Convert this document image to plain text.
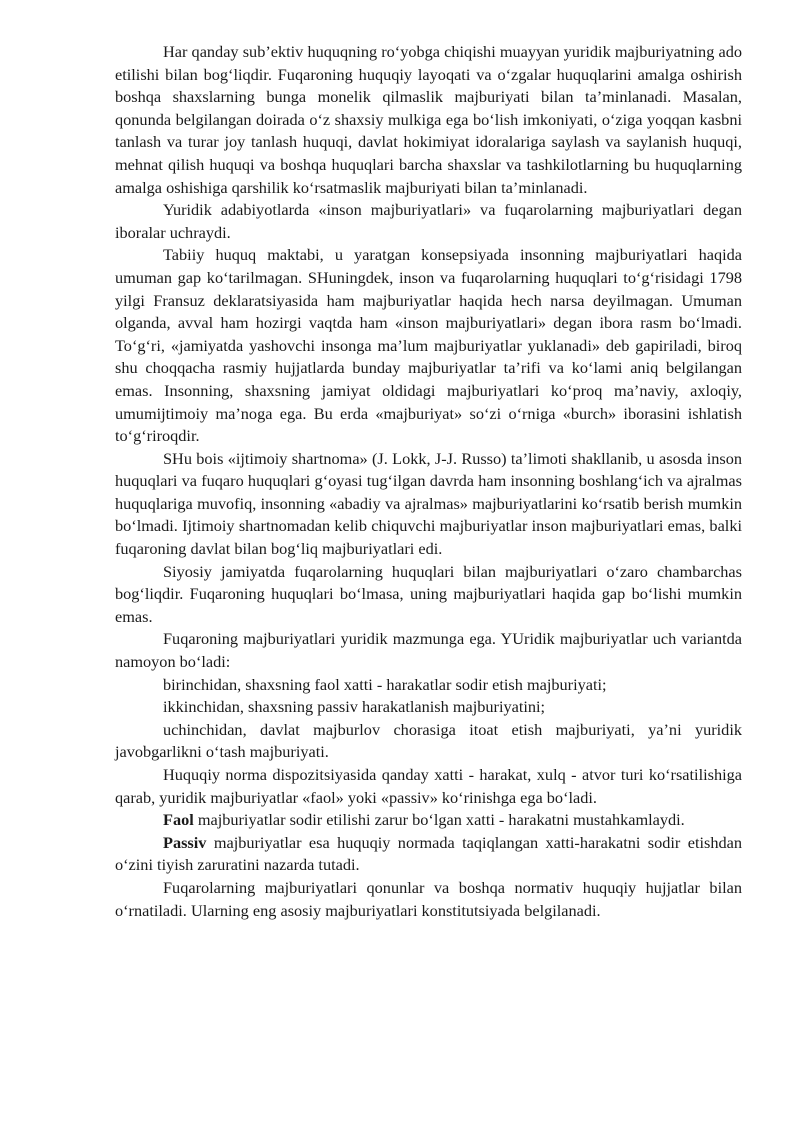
Har qanday sub’ektiv huquqning ro‘yobga chiqishi muayyan yuridik majburiyatning ado etilishi bilan bog‘liqdir. Fuqaroning huquqiy layoqati va o‘zgalar huquqlarini amalga oshirish boshqa shaxslarning bunga monelik qilmaslik majburiyati bilan ta’minlanadi. Masalan, qonunda belgilangan doirada o‘z shaxsiy mulkiga ega bo‘lish imkoniyati, o‘ziga yoqqan kasbni tanlash va turar joy tanlash huquqi, davlat hokimiyat idoralariga saylash va saylanish huquqi, mehnat qilish huquqi va boshqa huquqlari barcha shaxslar va tashkilotlarning bu huquqlarning amalga oshishiga qarshilik ko‘rsatmaslik majburiyati bilan ta’minlanadi.

Yuridik adabiyotlarda «inson majburiyatlari» va fuqarolarning majburiyatlari degan iboralar uchraydi.

Tabiiy huquq maktabi, u yaratgan konsepsiyada insonning majburiyatlari haqida umuman gap ko‘tarilmagan. SHuningdek, inson va fuqarolarning huquqlari to‘g‘risidagi 1798 yilgi Fransuz deklaratsiyasida ham majburiyatlar haqida hech narsa deyilmagan. Umuman olganda, avval ham hozirgi vaqtda ham «inson majburiyatlari» degan ibora rasm bo‘lmadi. To‘g‘ri, «jamiyatda yashovchi insonga ma’lum majburiyatlar yuklanadi» deb gapiriladi, biroq shu choqqacha rasmiy hujjatlarda bunday majburiyatlar ta’rifi va ko‘lami aniq belgilangan emas. Insonning, shaxsning jamiyat oldidagi majburiyatlari ko‘proq ma’naviy, axloqiy, umumijtimoiy ma’noga ega. Bu erda «majburiyat» so‘zi o‘rniga «burch» iborasini ishlatish to‘g‘riroqdir.

SHu bois «ijtimoiy shartnoma» (J. Lokk, J-J. Russo) ta’limoti shakllanib, u asosda inson huquqlari va fuqaro huquqlari g‘oyasi tug‘ilgan davrda ham insonning boshlang‘ich va ajralmas huquqlariga muvofiq, insonning «abadiy va ajralmas» majburiyatlarini ko‘rsatib berish mumkin bo‘lmadi. Ijtimoiy shartnomadan kelib chiquvchi majburiyatlar inson majburiyatlari emas, balki fuqaroning davlat bilan bog‘liq majburiyatlari edi.

Siyosiy jamiyatda fuqarolarning huquqlari bilan majburiyatlari o‘zaro chambarchas bog‘liqdir. Fuqaroning huquqlari bo‘lmasa, uning majburiyatlari haqida gap bo‘lishi mumkin emas.

Fuqaroning majburiyatlari yuridik mazmunga ega. YUridik majburiyatlar uch variantda namoyon bo‘ladi:

birinchidan, shaxsning faol xatti - harakatlar sodir etish majburiyati;

ikkinchidan, shaxsning passiv harakatlanish majburiyatini;

uchinchidan, davlat majburlov chorasiga itoat etish majburiyati, ya’ni yuridik javobgarlikni o‘tash majburiyati.

Huquqiy norma dispozitsiyasida qanday xatti - harakat, xulq - atvor turi ko‘rsatilishiga qarab, yuridik majburiyatlar «faol» yoki «passiv» ko‘rinishga ega bo‘ladi.

Faol majburiyatlar sodir etilishi zarur bo‘lgan xatti - harakatni mustahkamlaydi.

Passiv majburiyatlar esa huquqiy normada taqiqlangan xatti-harakatni sodir etishdan o‘zini tiyish zaruratini nazarda tutadi.

Fuqarolarning majburiyatlari qonunlar va boshqa normativ huquqiy hujjatlar bilan o‘rnatiladi. Ularning eng asosiy majburiyatlari konstitutsiyada belgilanadi.
